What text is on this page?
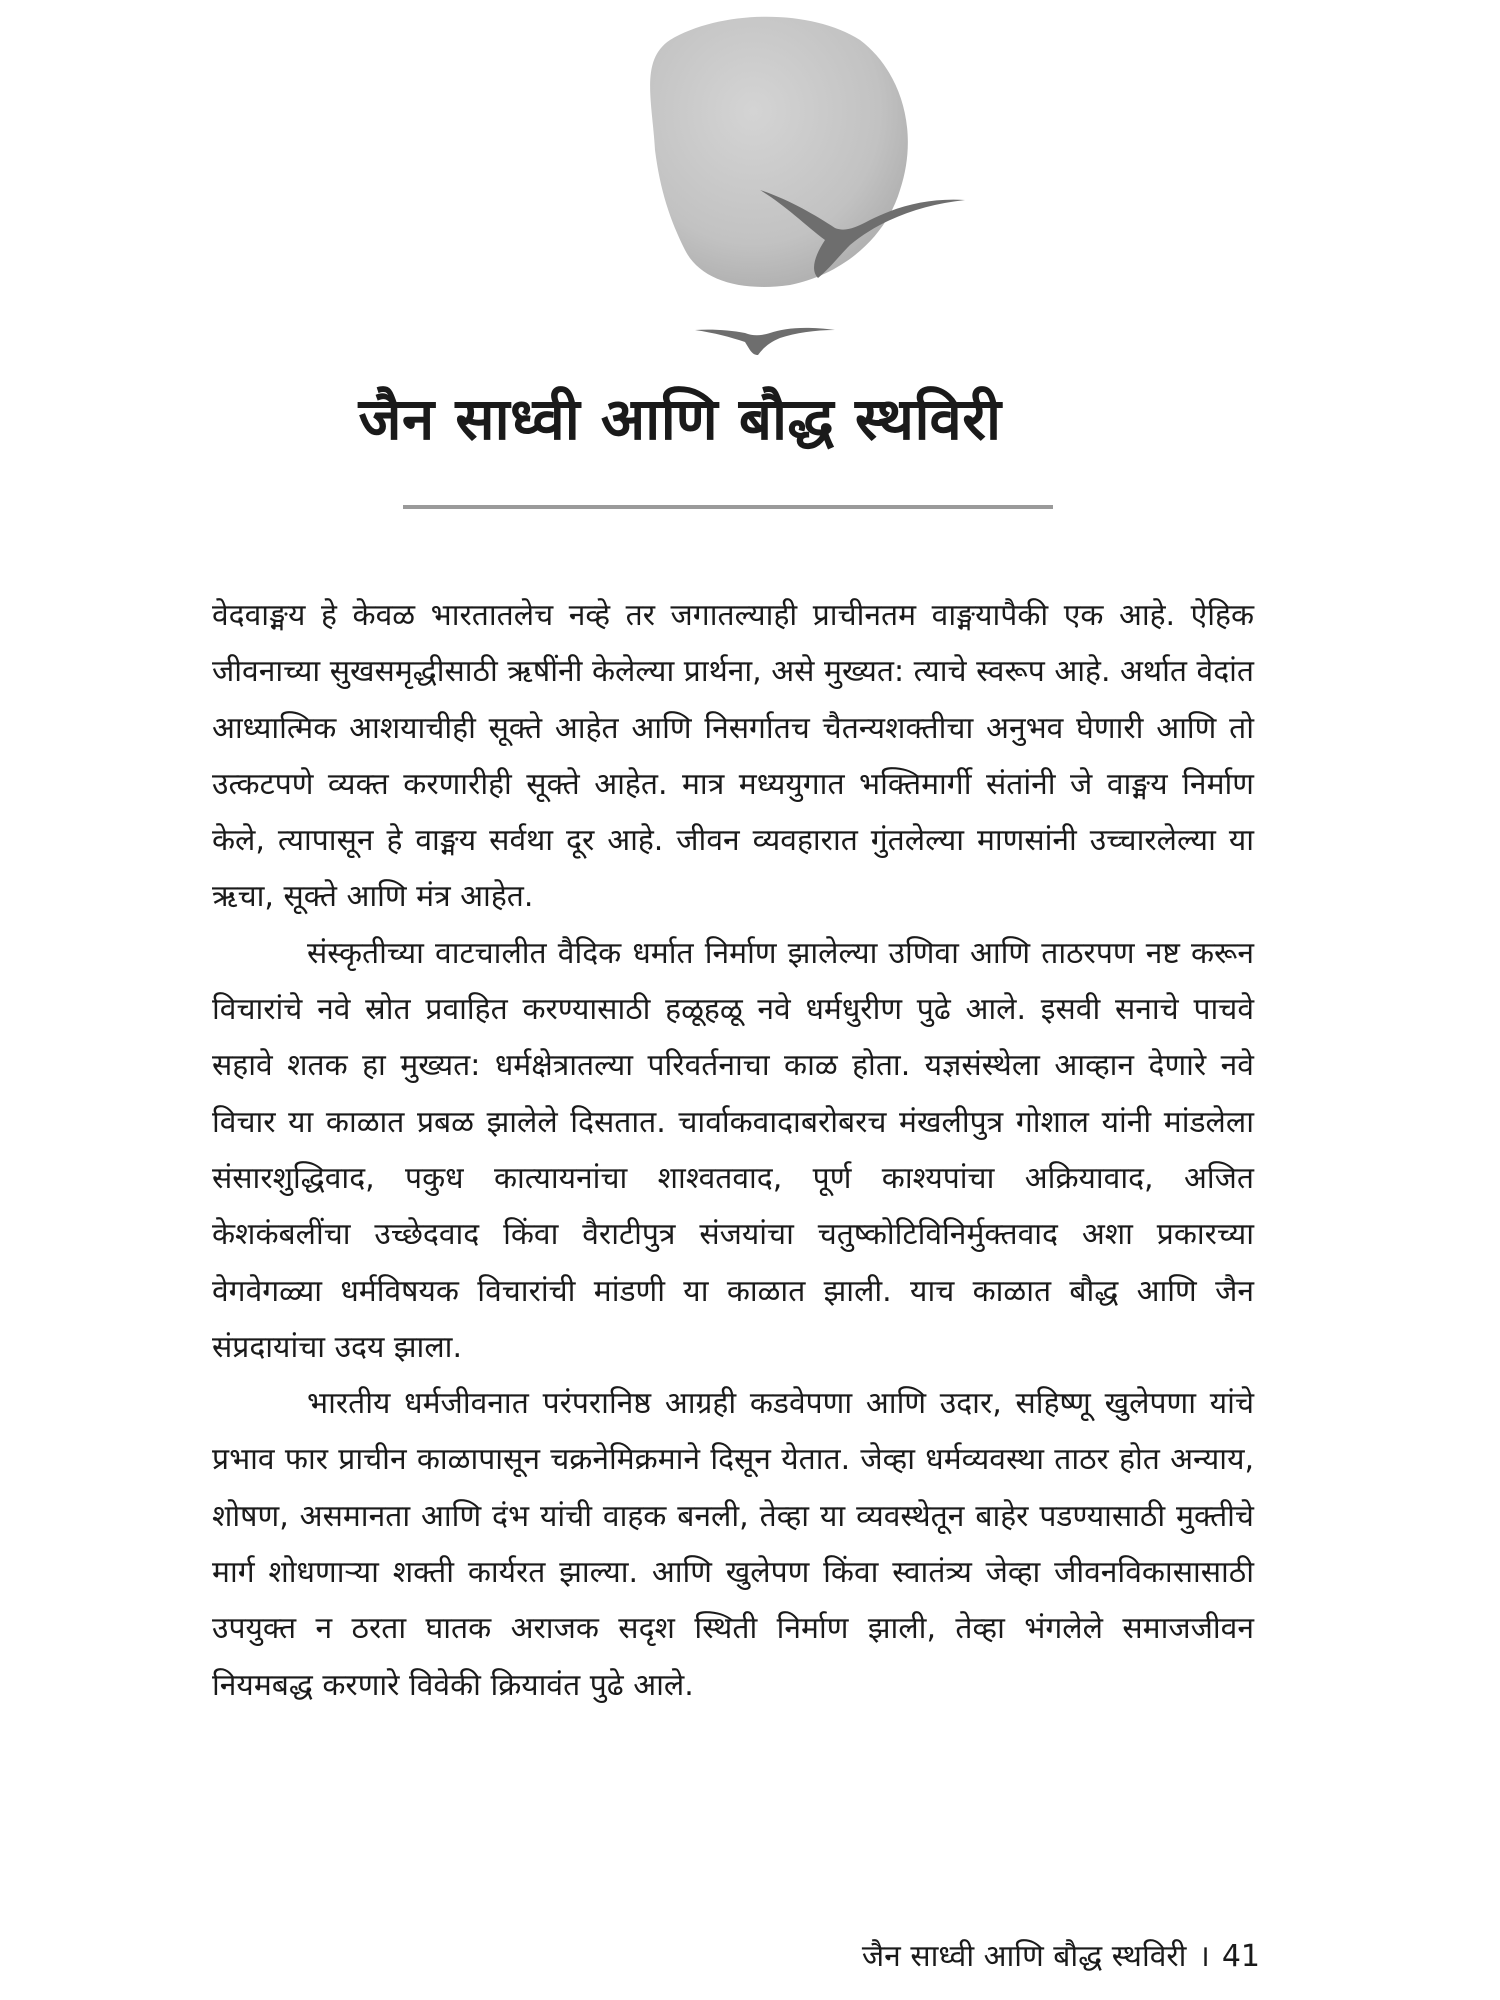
जैन साध्वी आणि बौद्ध स्थविरी

वेदवाङ्मय हे केवळ भारतातलेच नव्हे तर जगातल्याही प्राचीनतम वाङ्मयापैकी एक आहे. ऐहिक जीवनाच्या सुखसमृद्धीसाठी ऋषींनी केलेल्या प्रार्थना, असे मुख्यत: त्याचे स्वरूप आहे. अर्थात वेदांत आध्यात्मिक आशयाचीही सूक्ते आहेत आणि निसर्गातच चैतन्यशक्तीचा अनुभव घेणारी आणि तो उत्कटपणे व्यक्त करणारीही सूक्ते आहेत. मात्र मध्ययुगात भक्तिमार्गी संतांनी जे वाङ्मय निर्माण केले, त्यापासून हे वाङ्मय सर्वथा दूर आहे. जीवन व्यवहारात गुंतलेल्या माणसांनी उच्चारलेल्या या ऋचा, सूक्ते आणि मंत्र आहेत.

संस्कृतीच्या वाटचालीत वैदिक धर्मात निर्माण झालेल्या उणिवा आणि ताठरपण नष्ट करून विचारांचे नवे स्रोत प्रवाहित करण्यासाठी हळूहळू नवे धर्मधुरीण पुढे आले. इसवी सनाचे पाचवे सहावे शतक हा मुख्यत: धर्मक्षेत्रातल्या परिवर्तनाचा काळ होता. यज्ञसंस्थेला आव्हान देणारे नवे विचार या काळात प्रबळ झालेले दिसतात. चार्वाकवादाबरोबरच मंखलीपुत्र गोशाल यांनी मांडलेला संसारशुद्धिवाद, पकुध कात्यायनांचा शाश्वतवाद, पूर्ण काश्यपांचा अक्रियावाद, अजित केशकंबलींचा उच्छेदवाद किंवा वैराटीपुत्र संजयांचा चतुष्कोटिविनिर्मुक्तवाद अशा प्रकारच्या वेगवेगळ्या धर्मविषयक विचारांची मांडणी या काळात झाली. याच काळात बौद्ध आणि जैन संप्रदायांचा उदय झाला.

भारतीय धर्मजीवनात परंपरानिष्ठ आग्रही कडवेपणा आणि उदार, सहिष्णू खुलेपणा यांचे प्रभाव फार प्राचीन काळापासून चक्रनेमिक्रमाने दिसून येतात. जेव्हा धर्मव्यवस्था ताठर होत अन्याय, शोषण, असमानता आणि दंभ यांची वाहक बनली, तेव्हा या व्यवस्थेतून बाहेर पडण्यासाठी मुक्तीचे मार्ग शोधणाऱ्या शक्ती कार्यरत झाल्या. आणि खुलेपण किंवा स्वातंत्र्य जेव्हा जीवनविकासासाठी उपयुक्त न ठरता घातक अराजक सदृश स्थिती निर्माण झाली, तेव्हा भंगलेले समाजजीवन नियमबद्ध करणारे विवेकी क्रियावंत पुढे आले.

जैन साध्वी आणि बौद्ध स्थविरी । 41
